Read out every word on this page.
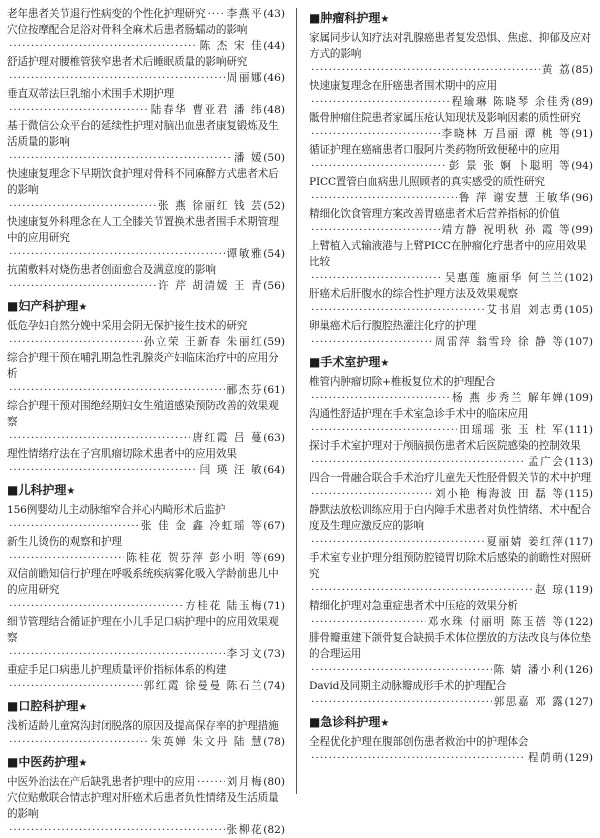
老年患者关节退行性病变的个性化护理研究 ····· 李燕平 (43)
穴位按摩配合足浴对骨科全麻术后患者肠蠕动的影响
·····
陈 杰 宋 佳 (44)
舒适护理对腰椎管狭窄患者术后睡眠质量的影响研究
·····
周丽娜 (46)
垂直双蒂法巨乳缩小术围手术期护理
·····
陆春华 曹亚君 潘 纬 (48)
基于微信公众平台的延续性护理对脑出血患者康复锻炼及生活质量的影响
·····
潘 媛 (50)
快速康复理念下早期饮食护理对骨科不同麻醉方式患者术后的影响
·····
张 燕 徐丽红 钱 芸 (52)
快速康复外科理念在人工全膝关节置换术患者围手术期管理中的应用研究
·····
谭敏雅 (54)
抗菌敷料对烧伤患者创面愈合及满意度的影响
·····
许 芹 胡清媛 王 青 (56)
■妇产科护理★
低危孕妇自然分娩中采用会阴无保护接生技术的研究
·····
孙立荣 王新春 朱丽红 (59)
综合护理干预在哺乳期急性乳腺炎产妇临床治疗中的应用分析
·····
郦杰芬 (61)
综合护理干预对围绝经期妇女生殖道感染预防改善的效果观察
·····
唐红霞 吕 蔓 (63)
理性情绪疗法在子宫肌瘤切除术患者中的应用效果
·····
闫 瑛 汪 敏 (64)
■儿科护理★
156例婴幼儿主动脉缩窄合并心内畸形术后监护
·····
张 佳 金 鑫 冷虹瑶 等 (67)
新生儿烫伤的观察和护理
·····
陈桂花 贺芬萍 彭小明 等 (69)
双信前瞻知信行护理在呼吸系统疾病雾化吸入学龄前患儿中的应用研究
·····
方桂花 陆玉梅 (71)
细节管理结合循证护理在小儿手足口病护理中的应用效果观察
·····
李习文 (73)
重症手足口病患儿护理质量评价指标体系的构建
·····
郭红霞 徐曼曼 陈石兰 (74)
■口腔科护理★
浅析适龄儿童窝沟封闭脱落的原因及提高保存率的护理措施
·····
朱英婵 朱文丹 陆 慧 (78)
■中医药护理★
中医外治法在产后缺乳患者护理中的应用 ·····	刘月梅 (80)
穴位贴敷联合情志护理对肝癌术后患者负性情绪及生活质量的影响
·····
张柳花 (82)
■肿瘤科护理★
家属同步认知疗法对乳腺癌患者复发恐惧、焦虑、抑郁及应对方式的影响
·····
黄 荔 (85)
快速康复理念在肝癌患者围术期中的应用
·····
程瑜琳 陈晓琴 余佳秀 (89)
骶骨肿瘤住院患者家属压疮认知现状及影响因素的质性研究
·····
李晓林 万昌丽 谭 桃 等 (91)
循证护理在癌痛患者口服阿片类药物所致便秘中的应用
·····
彭 景 张 婀 卜聪明 等 (94)
PICC置管白血病患儿照顾者的真实感受的质性研究
·····
鲁 萍 谢安慧 王敏华 (96)
精细化饮食管理方案改善胃癌患者术后营养指标的价值
·····
靖方静 祝明秋 孙 霞 等 (99)
上臂植入式输液港与上臂PICC在肿瘤化疗患者中的应用效果比较
·····
吴惠莲 施丽华 何兰兰 (102)
肝癌术后肝腹水的综合性护理方法及效果观察
·····
艾书眉 刘志勇 (105)
卵巢癌术后行腹腔热灌注化疗的护理
·····
周雷萍 翁雪玲 徐 静 等 (107)
■手术室护理★
椎管内肿瘤切除+椎板复位术的护理配合
·····
杨 燕 步秀兰 解年婵 (109)
沟通性舒适护理在手术室急诊手术中的临床应用
·····
田瑶瑶 张 玉 杜 军 (111)
探讨手术室护理对于颅脑损伤患者术后医院感染的控制效果
·····
孟广会 (113)
四合一骨融合联合手术治疗儿童先天性胫骨假关节的术中护理
·····
刘小艳 梅海波 田 磊 等 (115)
静默法放松训练应用于白内障手术患者对负性情绪、术中配合度及生理应激反应的影响
·····
夏丽婧 姜红萍 (117)
手术室专业护理分组预防腔镜胃切除术后感染的前瞻性对照研究
·····
赵 琼 (119)
精细化护理对急重症患者术中压疮的效果分析
·····
邓水珠 付丽明 陈玉蓓 等 (122)
腓骨瓣重建下颌骨复合缺损手术体位摆放的方法改良与体位垫的合理运用
·····
陈 婧 潘小利 (126)
David及同期主动脉瓣成形手术的护理配合
·····
郭思嘉 邓 露 (127)
■急诊科护理★
全程优化护理在腹部创伤患者救治中的护理体会
·····
程荫萌 (129)
